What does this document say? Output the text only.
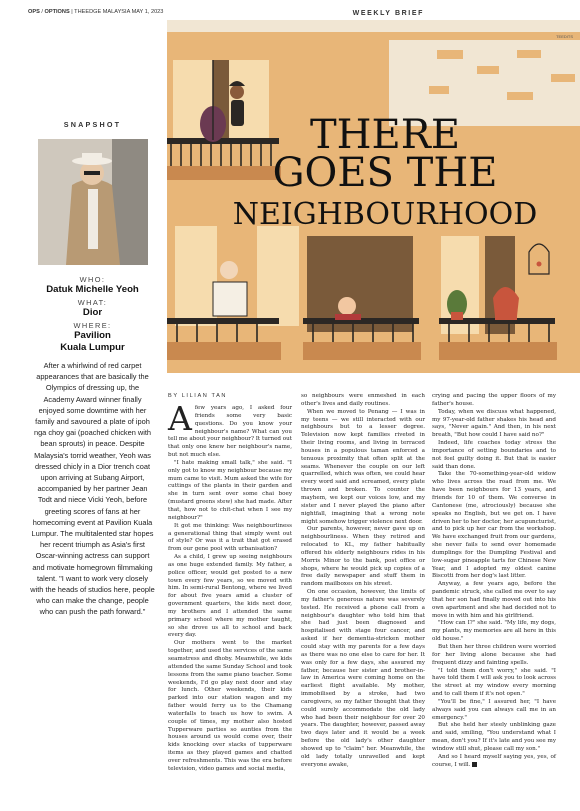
OPS / OPTIONS | THEEDGE MALAYSIA MAY 1, 2023	WEEKLY BRIEF
THERE
GOES THE
NEIGHBOURHOOD
TEEDITS
SNAPSHOT
WHO:
Datuk Michelle Yeoh
WHAT:
Dior
WHERE:
Pavilion
Kuala Lumpur
After a whirlwind of red carpet appearances that are basically the Olympics of dressing up, the Academy Award winner finally enjoyed some downtime with her family and savoured a plate of ipoh nga choy gai (poached chicken with bean sprouts) in peace. Despite Malaysia's torrid weather, Yeoh was dressed chicly in a Dior trench coat upon arriving at Subang Airport, accompanied by her partner Jean Todt and niece Vicki Yeoh, before greeting scores of fans at her homecoming event at Pavilion Kuala Lumpur. The multitalented star hopes her recent triumph as Asia's first Oscar-winning actress can support and motivate homegrown filmmaking talent. "I want to work very closely with the heads of studios here, people who can make the change, people who can push the path forward."
BY LILIAN TAN

Afew years ago, I asked four friends some very basic questions. Do you know your neighbour's name? What can you tell me about your neighbour? It turned out that only one knew her neighbour's name, but not much else.

"I hate making small talk," she said. "I only got to know my neighbour because my mum came to visit. Mum asked the wife for cuttings of the plants in their garden and she in turn sent over some chai boey (mustard greens stew) she had made. After that, how not to chit-chat when I see my neighbour?"

It got me thinking: Was neighbourliness a generational thing that simply went out of style? Or was it a trait that got erased from our gene pool with urbanisation?

As a child, I grew up seeing neighbours as one huge extended family. My father, a police officer, would get posted to a new town every few years, so we moved with him. In semi-rural Bentong, where we lived for about five years amid a cluster of government quarters, the kids next door, my brothers and I attended the same primary school where my mother taught, so she drove us all to school and back every day.

Our mothers went to the market together, and used the services of the same seamstress and dhoby. Meanwhile, we kids attended the same Sunday School and took lessons from the same piano teacher. Some weekends, I'd go play next door and stay for lunch. Other weekends, their kids parked into our station wagon and my father would ferry us to the Chamang waterfalls to teach us how to swim. A couple of times, my mother also hosted Tupperware parties so aunties from the houses around us would come over, their kids knocking over stacks of tupperware items as they played games and chatted over refreshments. This was the era before television, video games and social media,

so neighbours were enmeshed in each other's lives and daily routines.

When we moved to Penang — I was in my teens — we still interacted with our neighbours but to a lesser degree. Television now kept families riveted in their living rooms, and living in terraced houses in a populous taman enforced a tenuous proximity that often split at the seams. Whenever the couple on our left quarrelled, which was often, we could hear every word said and screamed, every plate thrown and broken. To counter the mayhem, we kept our voices low, and my sister and I never played the piano after nightfall, imagining that a wrong note might somehow trigger violence next door.

Our parents, however, never gave up on neighbourliness. When they retired and relocated to KL, my father habitually offered his elderly neighbours rides in his Morris Minor to the bank, post office or shops, where he would pick up copies of a free daily newspaper and stuff them in random mailboxes on his street.

On one occasion, however, the limits of my father's generous nature was severely tested. He received a phone call from a neighbour's daughter who told him that she had just been diagnosed and hospitalised with stage four cancer, and asked if her dementia-stricken mother could stay with my parents for a few days as there was no one else to care for her. It was only for a few days, she assured my father, because her sister and brother-in-law in America were coming home on the earliest flight available. My mother, immobilised by a stroke, had two caregivers, so my father thought that they could surely accommodate the old lady who had been their neighbour for over 20 years. The daughter, however, passed away two days later and it would be a week before the old lady's other daughter showed up to "claim" her. Meanwhile, the old lady totally unravelled and kept everyone awake,

crying and pacing the upper floors of my father's house.

Today, when we discuss what happened, my 97-year-old father shakes his head and says, "Never again." And then, in his next breath, "But how could I have said no?"

Indeed, life coaches today stress the importance of setting boundaries and to not feel guilty doing it. But that is easier said than done.

Take the 70-something-year-old widow who lives across the road from me. We have been neighbours for 13 years, and friends for 10 of them. We converse in Cantonese (me, atrociously) because she speaks no English, but we get on. I have driven her to her doctor, her acupuncturist, and to pick up her car from the workshop. We have exchanged fruit from our gardens, she never fails to send over homemade dumplings for the Dumpling Festival and low-sugar pineapple tarts for Chinese New Year, and I adopted my oldest canine Biscotti from her dog's last litter.

Anyway, a few years ago, before the pandemic struck, she called me over to say that her son had finally moved out into his own apartment and she had decided not to move in with him and his girlfriend.

"How can I?" she said. "My life, my dogs, my plants, my memories are all here in this old house."

But then her three children were worried for her living alone because she had frequent dizzy and fainting spells.

"I told them don't worry," she said. "I have told them I will ask you to look across the street at my window every morning and to call them if it's not open."

"You'll be fine," I assured her, "I have always said you can always call me in an emergency."

But she held her steely unblinking gaze and said, smiling, "You understand what I mean, don't you? If it's late and you see my window still shut, please call my son."

And so I heard myself saying yes, yes, of course, I will.
